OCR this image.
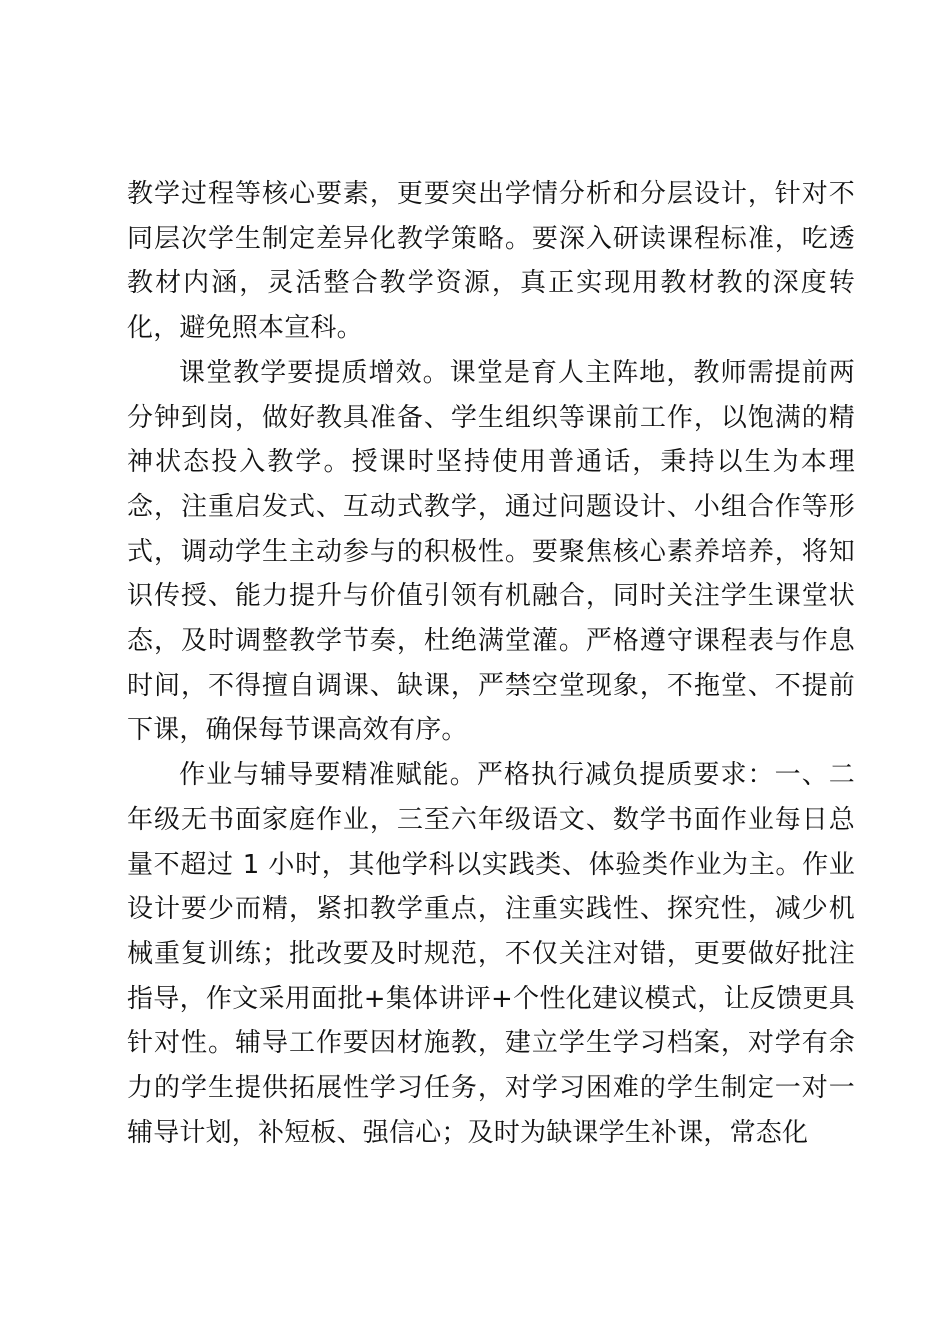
教学过程等核心要素，更要突出学情分析和分层设计，针对不同层次学生制定差异化教学策略。要深入研读课程标准，吃透教材内涵，灵活整合教学资源，真正实现用教材教的深度转化，避免照本宣科。

课堂教学要提质增效。课堂是育人主阵地，教师需提前两分钟到岗，做好教具准备、学生组织等课前工作，以饱满的精神状态投入教学。授课时坚持使用普通话，秉持以生为本理念，注重启发式、互动式教学，通过问题设计、小组合作等形式，调动学生主动参与的积极性。要聚焦核心素养培养，将知识传授、能力提升与价值引领有机融合，同时关注学生课堂状态，及时调整教学节奏，杜绝满堂灌。严格遵守课程表与作息时间，不得擅自调课、缺课，严禁空堂现象，不拖堂、不提前下课，确保每节课高效有序。

作业与辅导要精准赋能。严格执行减负提质要求：一、二年级无书面家庭作业，三至六年级语文、数学书面作业每日总量不超过 1 小时，其他学科以实践类、体验类作业为主。作业设计要少而精，紧扣教学重点，注重实践性、探究性，减少机械重复训练；批改要及时规范，不仅关注对错，更要做好批注指导，作文采用面批+集体讲评+个性化建议模式，让反馈更具针对性。辅导工作要因材施教，建立学生学习档案，对学有余力的学生提供拓展性学习任务，对学习困难的学生制定一对一辅导计划，补短板、强信心；及时为缺课学生补课，常态化
